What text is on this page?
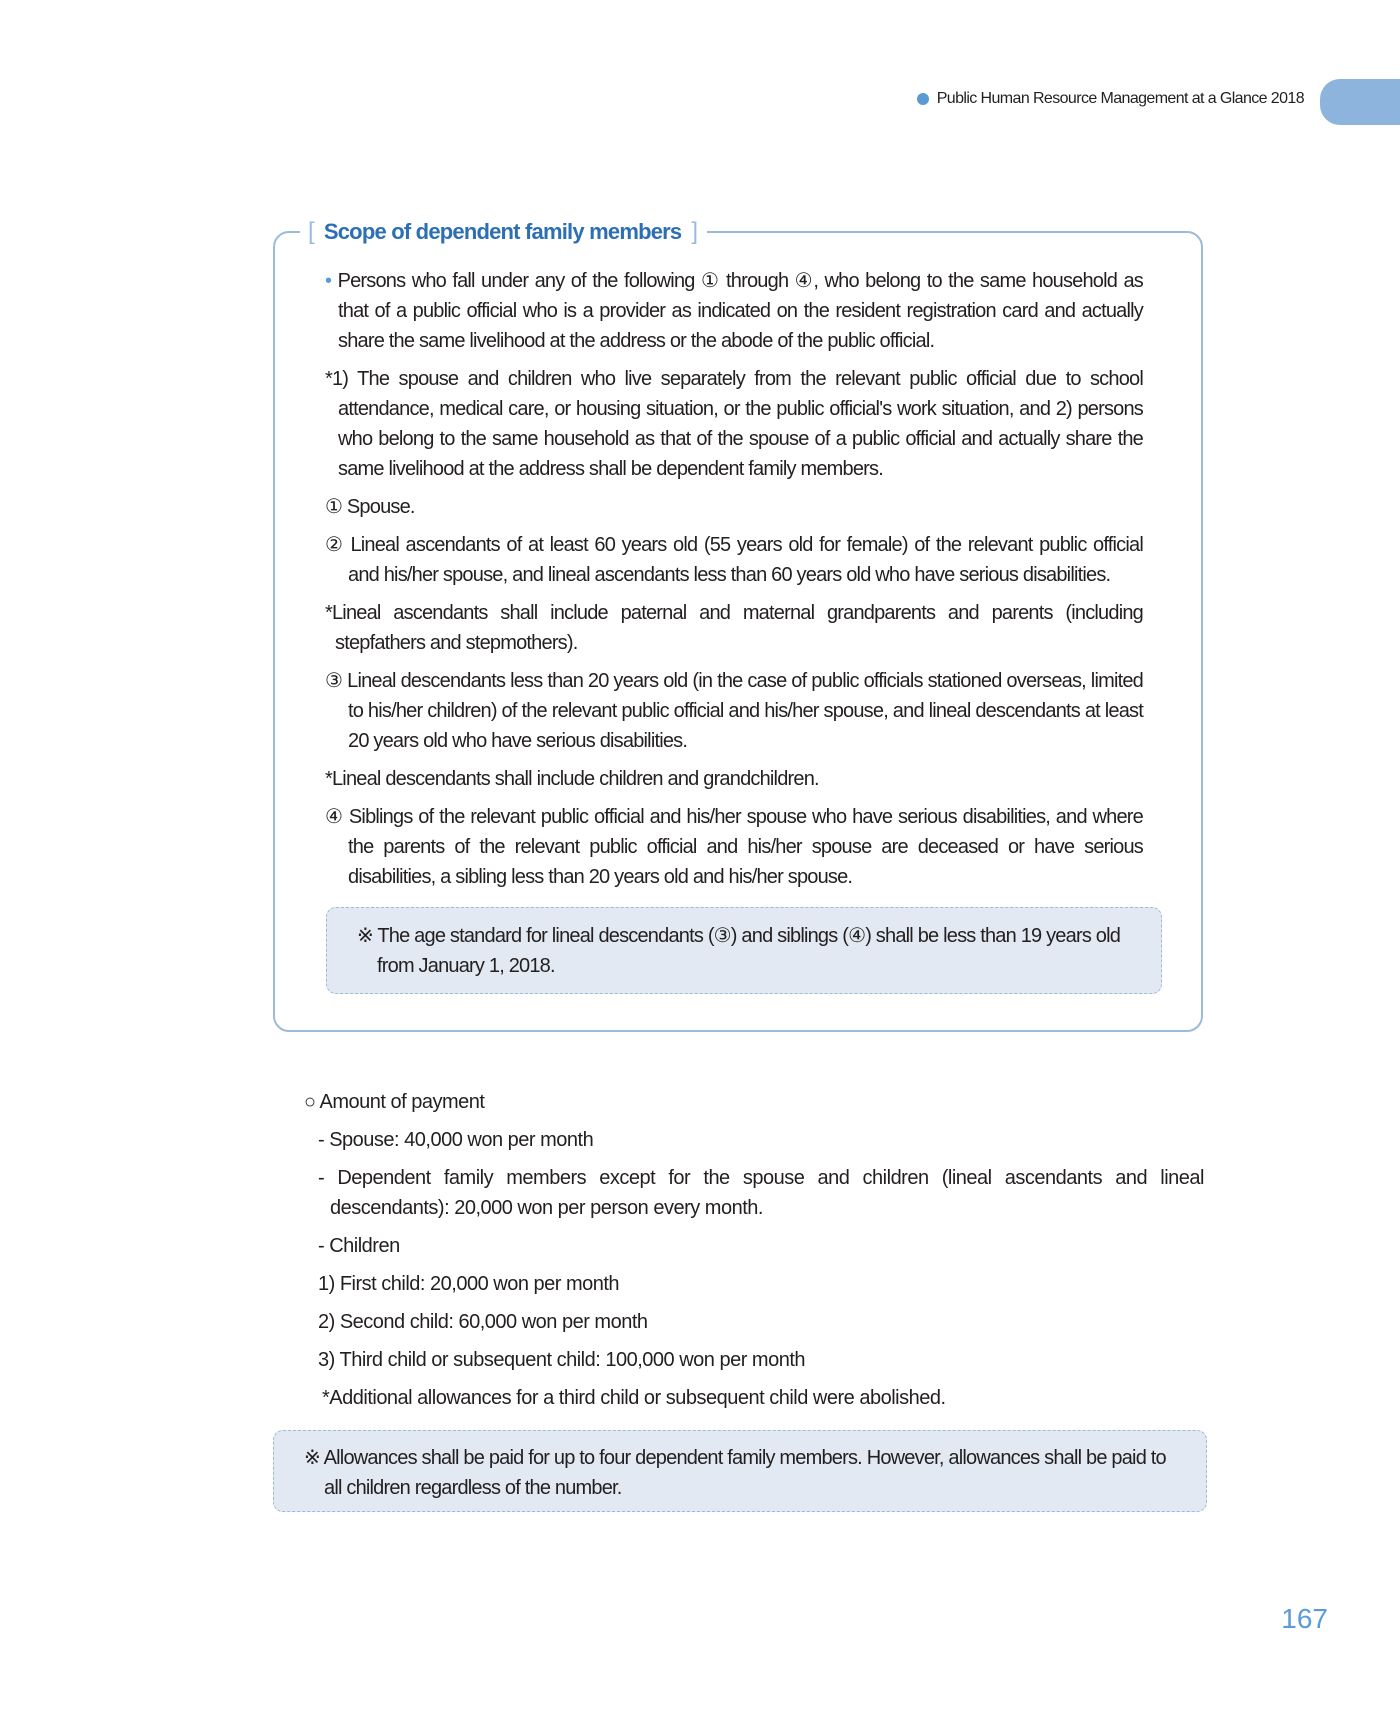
Public Human Resource Management at a Glance 2018
[ Scope of dependent family members ]

• Persons who fall under any of the following ① through ④, who belong to the same household as that of a public official who is a provider as indicated on the resident registration card and actually share the same livelihood at the address or the abode of the public official.

*1) The spouse and children who live separately from the relevant public official due to school attendance, medical care, or housing situation, or the public official's work situation, and 2) persons who belong to the same household as that of the spouse of a public official and actually share the same livelihood at the address shall be dependent family members.

① Spouse.

② Lineal ascendants of at least 60 years old (55 years old for female) of the relevant public official and his/her spouse, and lineal ascendants less than 60 years old who have serious disabilities.

*Lineal ascendants shall include paternal and maternal grandparents and parents (including stepfathers and stepmothers).

③ Lineal descendants less than 20 years old (in the case of public officials stationed overseas, limited to his/her children) of the relevant public official and his/her spouse, and lineal descendants at least 20 years old who have serious disabilities.

*Lineal descendants shall include children and grandchildren.

④ Siblings of the relevant public official and his/her spouse who have serious disabilities, and where the parents of the relevant public official and his/her spouse are deceased or have serious disabilities, a sibling less than 20 years old and his/her spouse.

※ The age standard for lineal descendants (③) and siblings (④) shall be less than 19 years old from January 1, 2018.

○ Amount of payment

- Spouse: 40,000 won per month

- Dependent family members except for the spouse and children (lineal ascendants and lineal descendants): 20,000 won per person every month.

- Children

1) First child: 20,000 won per month

2) Second child: 60,000 won per month

3) Third child or subsequent child: 100,000 won per month

*Additional allowances for a third child or subsequent child were abolished.

※ Allowances shall be paid for up to four dependent family members. However, allowances shall be paid to all children regardless of the number.
167
